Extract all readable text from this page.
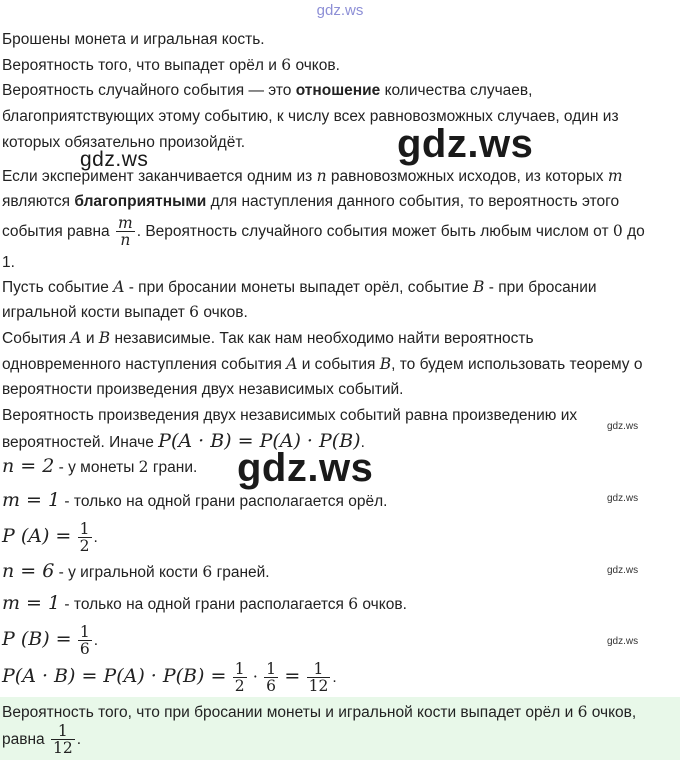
gdz.ws
Брошены монета и игральная кость.
Вероятность того, что выпадет орёл и 6 очков.
Вероятность случайного события — это отношение количества случаев,
благоприятствующих этому событию, к числу всех равновозможных случаев, один из
которых обязательно произойдёт.	gdz.ws
gdz.ws
Если эксперимент заканчивается одним из n равновозможных исходов, из которых m
являются благоприятными для наступления данного события, то вероятность этого
события равна $\frac{m}{n}$ . Вероятность случайного события может быть любым числом от 0 до
1.
Пусть событие A - при бросании монеты выпадет орёл, событие B - при бросании
игральной кости выпадет 6 очков.
События A и B независимые. Так как нам необходимо найти вероятность
одновременного наступления события A и события B, то будем использовать теорему о
вероятности произведения двух независимых событий.
Вероятность произведения двух независимых событий равна произведению их
вероятностей. Иначе P(A · B) = P(A) · P(B).
gdz.ws
n = 2 - у монеты 2 грани. gdz.ws
m = 1 - только на одной грани располагается орёл.	gdz.ws
P $(A) = \frac{1}{2}$ .
n = 6 - у игральной кости 6 граней.	gdz.ws
m = 1 - только на одной грани располагается 6 очков.
P $(B) = \frac{1}{6}$ .	gdz.ws
$P(A \cdot B) = P(A) \cdot P(B) = \frac{1}{2} \cdot \frac{1}{6} = \frac{1}{12}$ .
Вероятность того, что при бросании монеты и игральной кости выпадет орёл и 6 очков,
равна $\frac{1}{12}$ .
